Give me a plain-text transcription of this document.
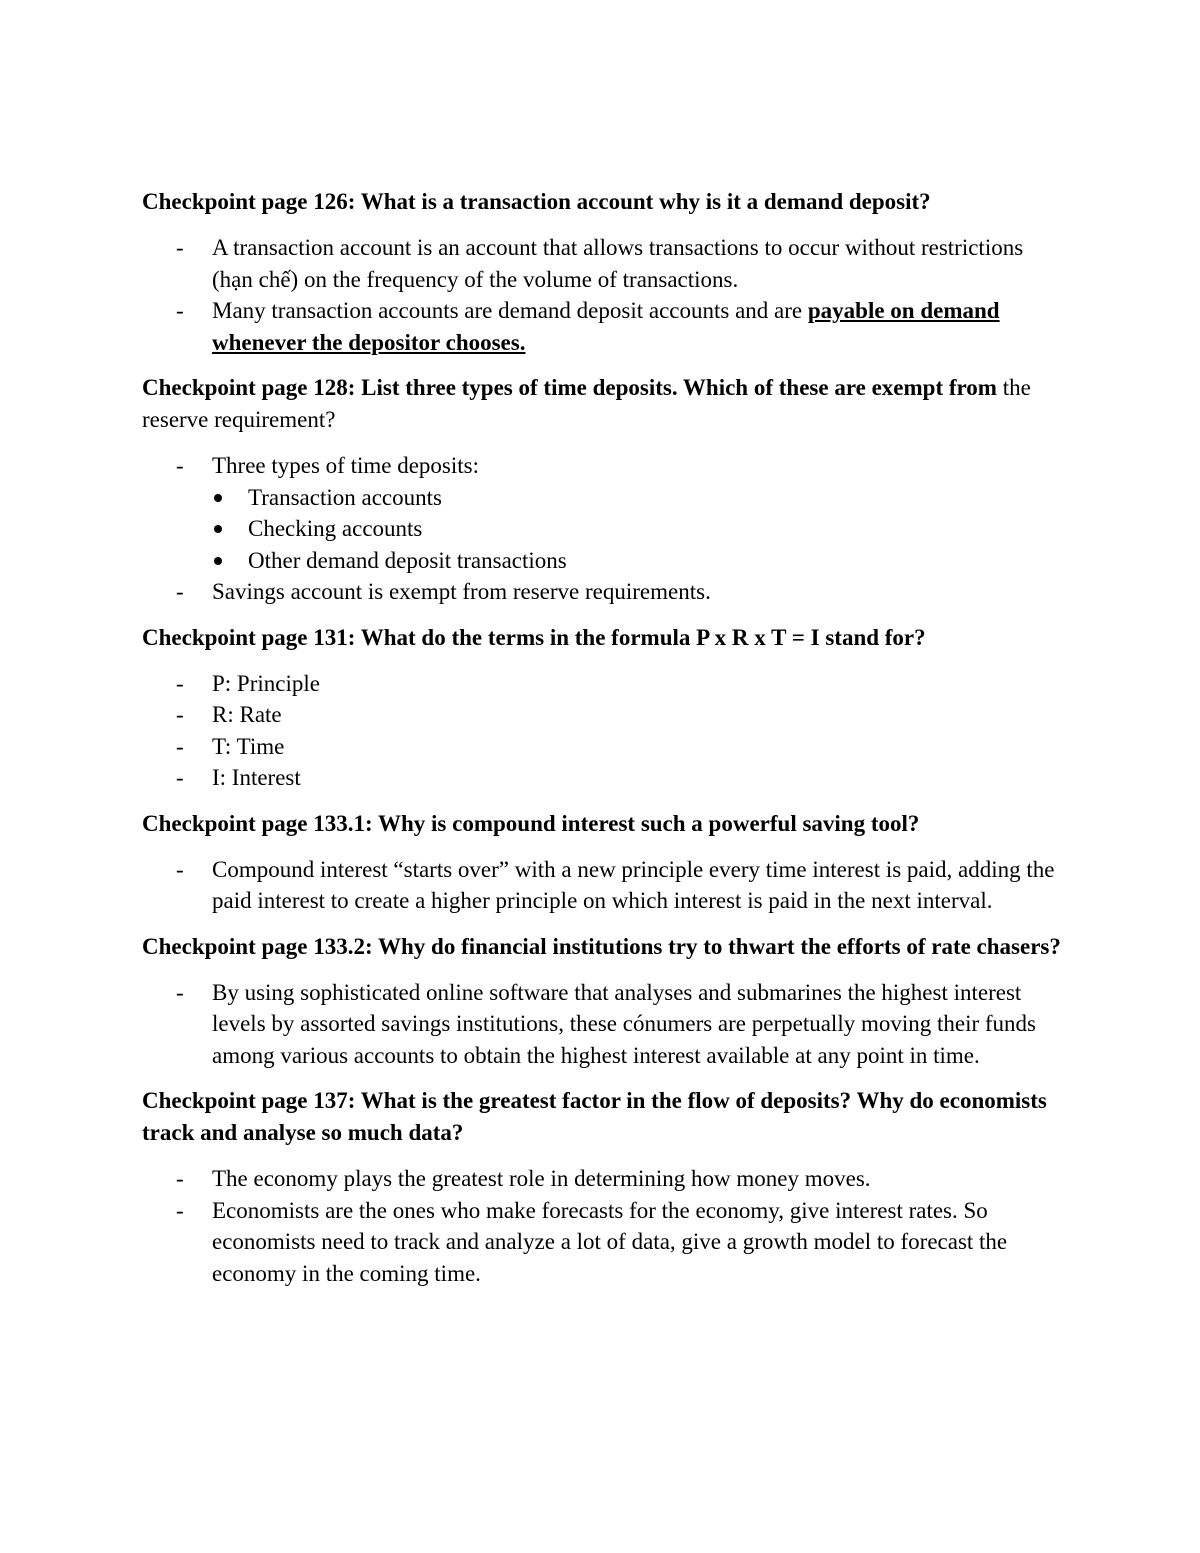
Checkpoint page 126: What is a transaction account why is it a demand deposit?

- A transaction account is an account that allows transactions to occur without restrictions (hạn chế) on the frequency of the volume of transactions.
- Many transaction accounts are demand deposit accounts and are payable on demand whenever the depositor chooses.

Checkpoint page 128: List three types of time deposits. Which of these are exempt from the reserve requirement?

- Three types of time deposits:
Transaction accounts
Checking accounts
Other demand deposit transactions
- Savings account is exempt from reserve requirements.

Checkpoint page 131: What do the terms in the formula P x R x T = I stand for?

- P: Principle
- R: Rate
- T: Time
- I: Interest

Checkpoint page 133.1: Why is compound interest such a powerful saving tool?

- Compound interest “starts over” with a new principle every time interest is paid, adding the paid interest to create a higher principle on which interest is paid in the next interval.

Checkpoint page 133.2: Why do financial institutions try to thwart the efforts of rate chasers?

- By using sophisticated online software that analyses and submarines the highest interest levels by assorted savings institutions, these cónumers are perpetually moving their funds among various accounts to obtain the highest interest available at any point in time.

Checkpoint page 137: What is the greatest factor in the flow of deposits? Why do economists track and analyse so much data?

- The economy plays the greatest role in determining how money moves.
- Economists are the ones who make forecasts for the economy, give interest rates. So economists need to track and analyze a lot of data, give a growth model to forecast the economy in the coming time.
